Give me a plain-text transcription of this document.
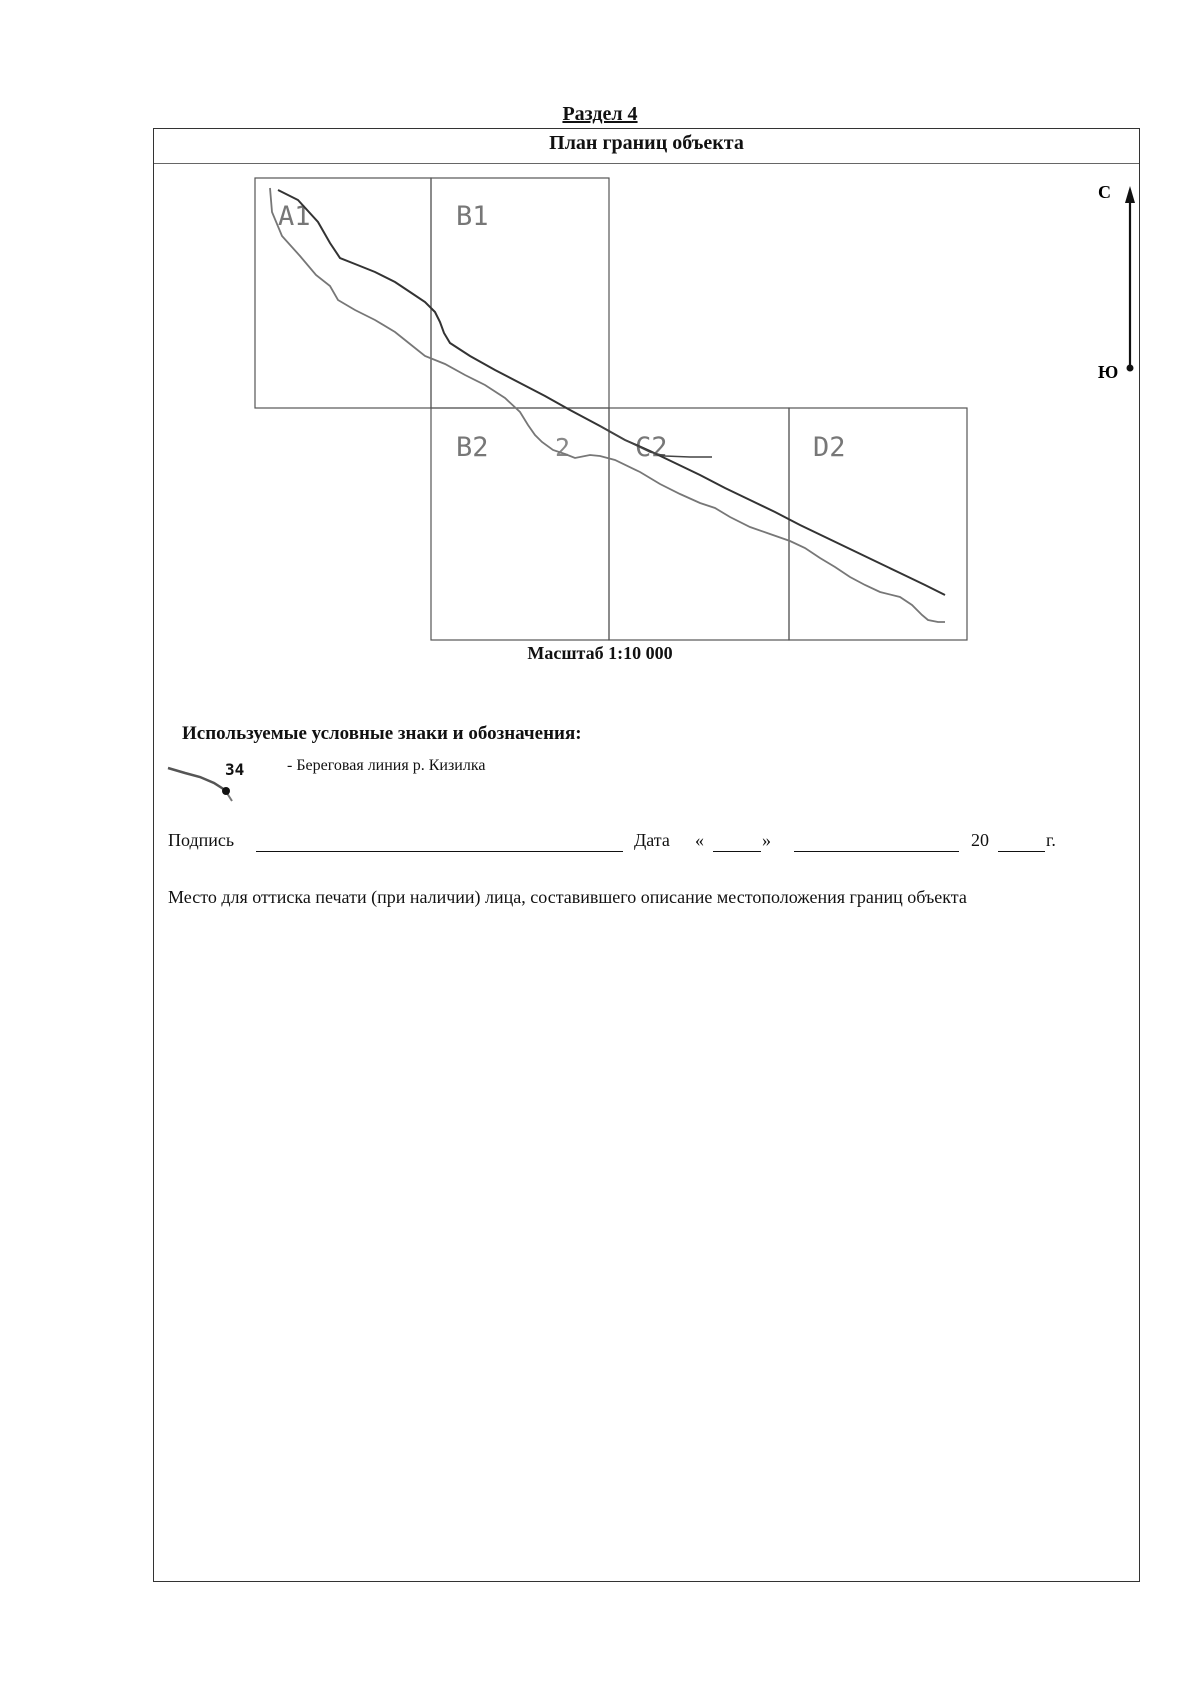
Раздел 4
План границ объекта
A1	B1
B2	C2	D2
2
С
Ю
34
Масштаб 1:10 000
Используемые условные знаки и обозначения:
- Береговая линия р. Кизилка
Подпись	Дата «	»	20	г.
Место для оттиска печати (при наличии) лица, составившего описание местоположения границ объекта
